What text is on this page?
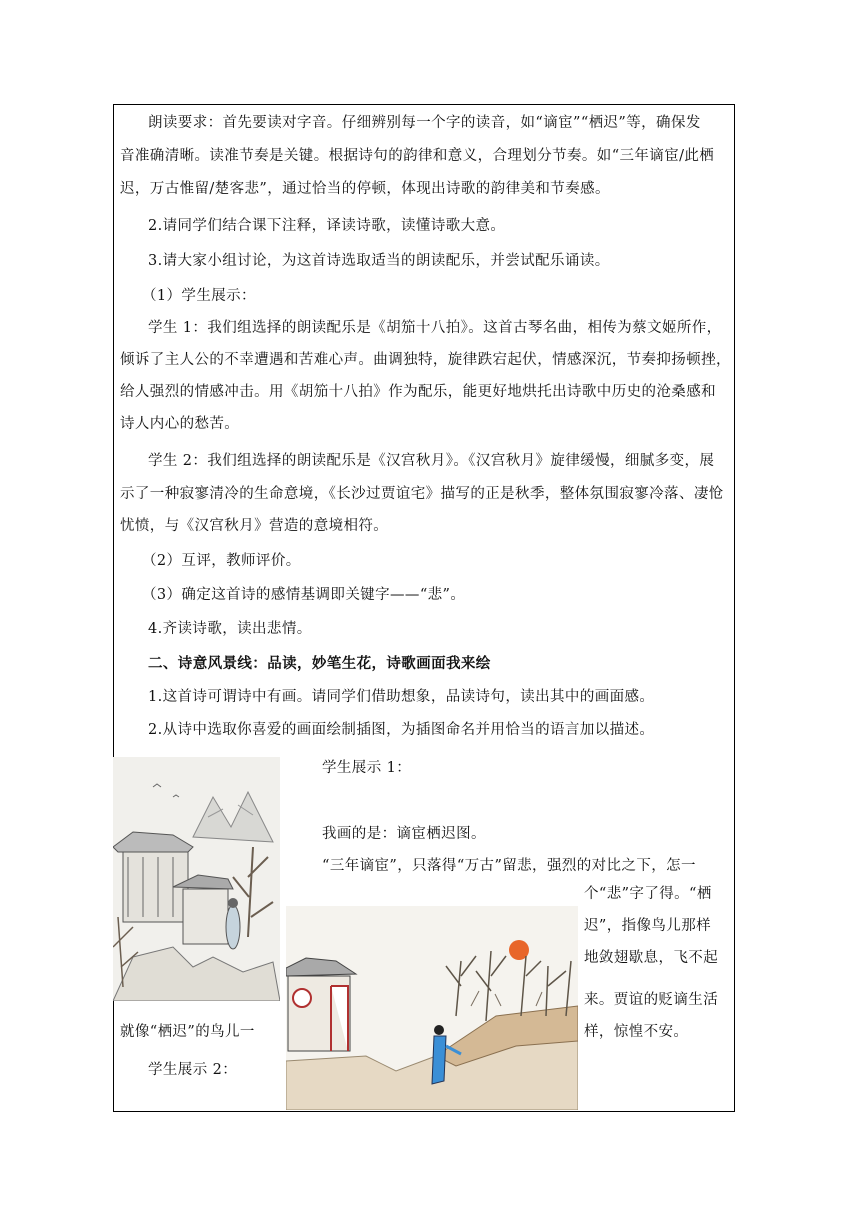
朗读要求：首先要读对字音。仔细辨别每一个字的读音，如“谪宦”“栖迟”等，确保发
音准确清晰。读准节奏是关键。根据诗句的韵律和意义，合理划分节奏。如“三年谪宦/此栖
迟，万古惟留/楚客悲”，通过恰当的停顿，体现出诗歌的韵律美和节奏感。
2.请同学们结合课下注释，译读诗歌，读懂诗歌大意。
3.请大家小组讨论，为这首诗选取适当的朗读配乐，并尝试配乐诵读。
（1）学生展示：
学生 1：我们组选择的朗读配乐是《胡笳十八拍》。这首古琴名曲，相传为蔡文姬所作，
倾诉了主人公的不幸遭遇和苦难心声。曲调独特，旋律跌宕起伏，情感深沉，节奏抑扬顿挫，
给人强烈的情感冲击。用《胡笳十八拍》作为配乐，能更好地烘托出诗歌中历史的沧桑感和
诗人内心的愁苦。
学生 2：我们组选择的朗读配乐是《汉宫秋月》。《汉宫秋月》旋律缓慢，细腻多变，展
示了一种寂寥清冷的生命意境，《长沙过贾谊宅》描写的正是秋季，整体氛围寂寥冷落、凄怆
忧愤，与《汉宫秋月》营造的意境相符。
（2）互评，教师评价。
（3）确定这首诗的感情基调即关键字——“悲”。
4.齐读诗歌，读出悲情。
二、诗意风景线：品读，妙笔生花，诗歌画面我来绘
1.这首诗可谓诗中有画。请同学们借助想象，品读诗句，读出其中的画面感。
2.从诗中选取你喜爱的画面绘制插图，为插图命名并用恰当的语言加以描述。
学生展示 1：
我画的是：谪宦栖迟图。
“三年谪宦”，只落得“万古”留悲，强烈的对比之下，怎一
个“悲”字了得。“栖
迟”，指像鸟儿那样
地敛翅歇息，飞不起
来。贾谊的贬谪生活
样，惊惶不安。
就像“栖迟”的鸟儿一
学生展示 2：
